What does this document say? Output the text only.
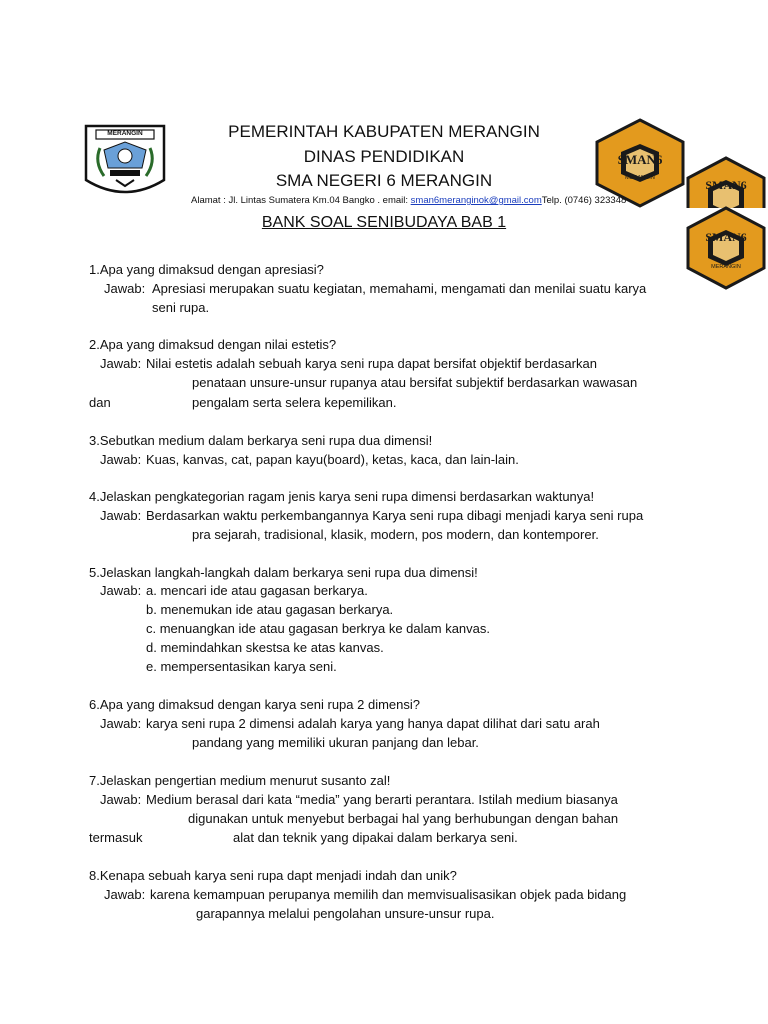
MERANGIN	PEMERINTAH KABUPATEN MERANGIN
DINAS PENDIDIKAN
SMA NEGERI 6 MERANGIN
Alamat : Jl. Lintas Sumatera Km.04 Bangko . email: sman6meranginok@gmail.comTelp. (0746) 323348
SMAN6
MERANGIN	SMAN6
SMAN6
MERANGIN
BANK SOAL SENIBUDAYA BAB 1
1.Apa yang dimaksud dengan apresiasi?
Jawab: Apresiasi merupakan suatu kegiatan, memahami, mengamati dan menilai suatu karya
seni rupa.
2.Apa yang dimaksud dengan nilai estetis?
Jawab: Nilai estetis adalah sebuah karya seni rupa dapat bersifat objektif berdasarkan
penataan unsure-unsur rupanya atau bersifat subjektif berdasarkan wawasan
dan	pengalam serta selera kepemilikan.
3.Sebutkan medium dalam berkarya seni rupa dua dimensi!
Jawab: Kuas, kanvas, cat, papan kayu(board), ketas, kaca, dan lain-lain.
4.Jelaskan pengkategorian ragam jenis karya seni rupa dimensi berdasarkan waktunya!
Jawab: Berdasarkan waktu perkembangannya Karya seni rupa dibagi menjadi karya seni rupa
pra sejarah, tradisional, klasik, modern, pos modern, dan kontemporer.
5.Jelaskan langkah-langkah dalam berkarya seni rupa dua dimensi!
Jawab: a. mencari ide atau gagasan berkarya.
b. menemukan ide atau gagasan berkarya.
c. menuangkan ide atau gagasan berkrya ke dalam kanvas.
d. memindahkan skestsa ke atas kanvas.
e. mempersentasikan karya seni.
6.Apa yang dimaksud dengan karya seni rupa 2 dimensi?
Jawab: karya seni rupa 2 dimensi adalah karya yang hanya dapat dilihat dari satu arah
pandang yang memiliki ukuran panjang dan lebar.
7.Jelaskan pengertian medium menurut susanto zal!
Jawab: Medium berasal dari kata “media” yang berarti perantara. Istilah medium biasanya
digunakan untuk menyebut berbagai hal yang berhubungan dengan bahan
termasuk	alat dan teknik yang dipakai dalam berkarya seni.
8.Kenapa sebuah karya seni rupa dapt menjadi indah dan unik?
Jawab: karena kemampuan perupanya memilih dan memvisualisasikan objek pada bidang
garapannya melalui pengolahan unsure-unsur rupa.
